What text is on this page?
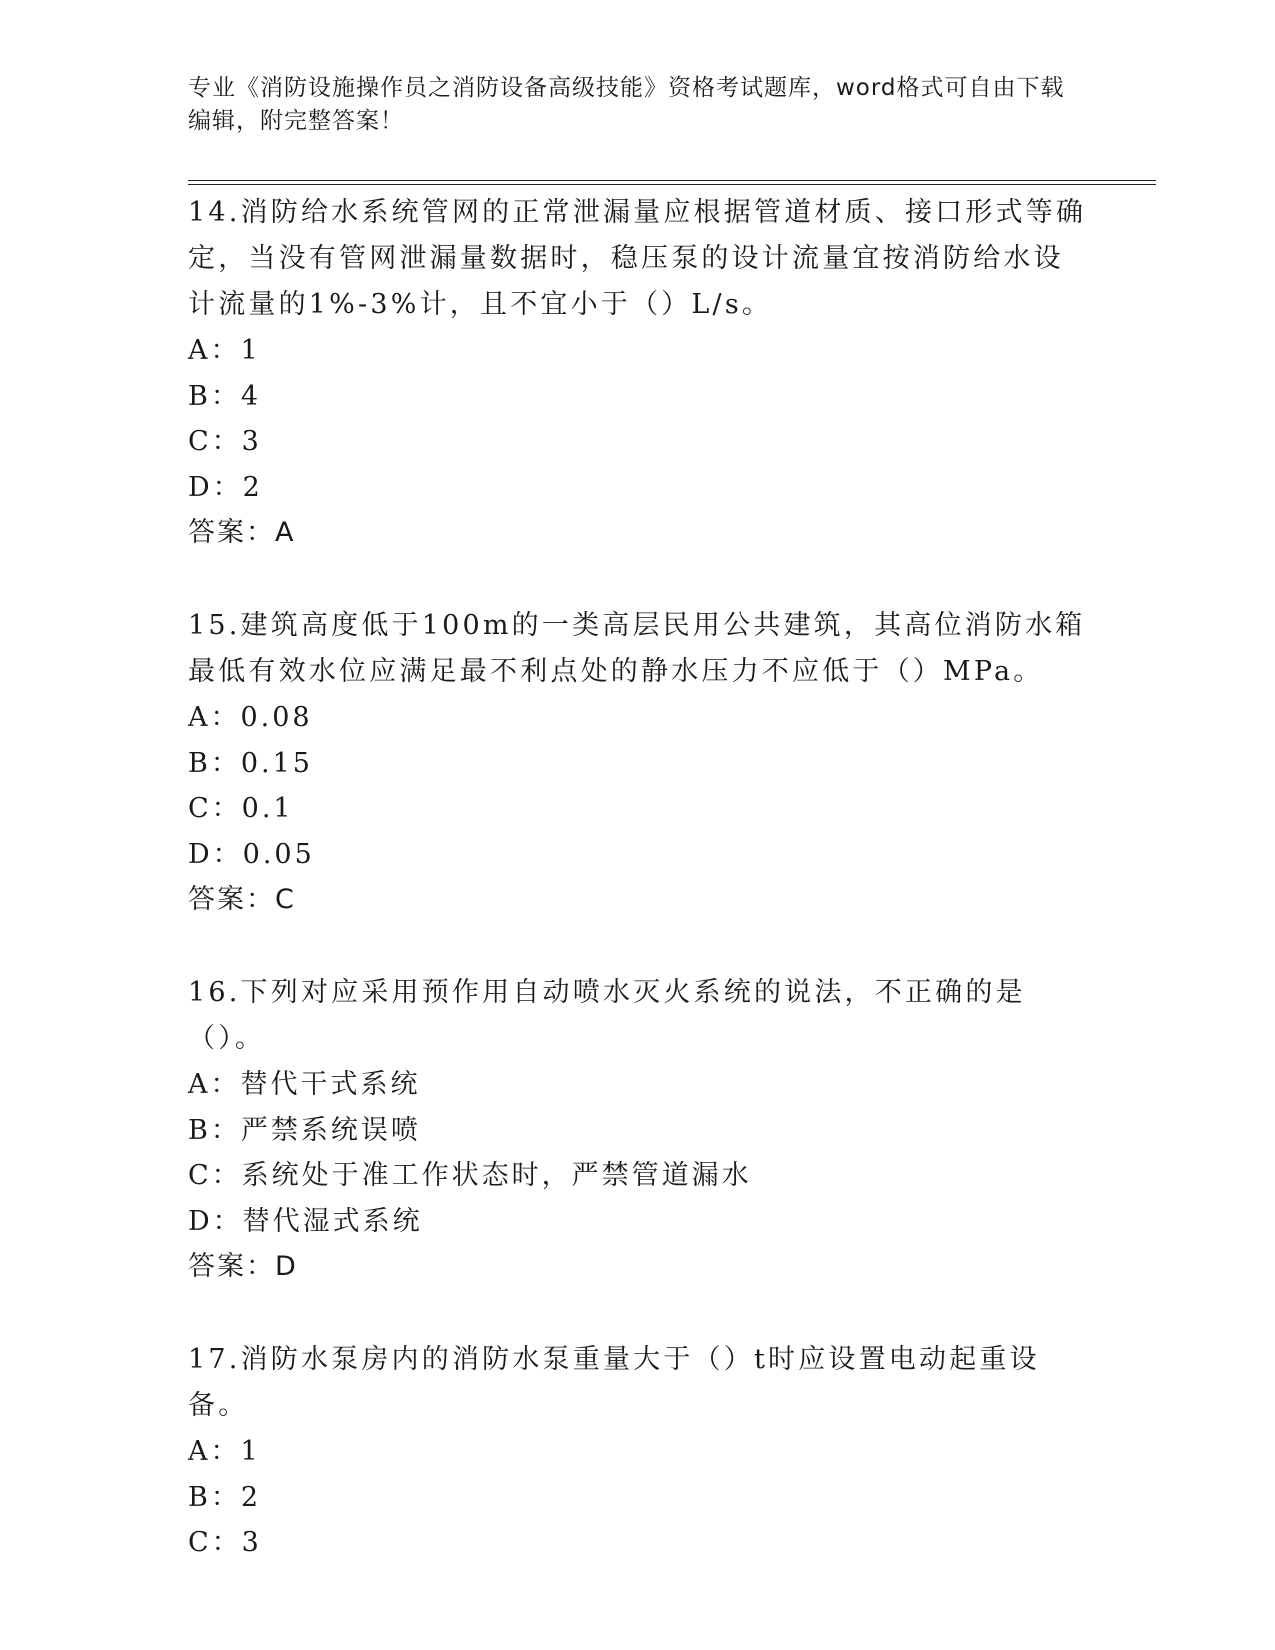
专业《消防设施操作员之消防设备高级技能》资格考试题库，word格式可自由下载编辑，附完整答案！

14.消防给水系统管网的正常泄漏量应根据管道材质、接口形式等确定，当没有管网泄漏量数据时，稳压泵的设计流量宜按消防给水设计流量的1%-3%计，且不宜小于（）L/s。

A：1

B：4

C：3

D：2

答案：A

15.建筑高度低于100m的一类高层民用公共建筑，其高位消防水箱最低有效水位应满足最不利点处的静水压力不应低于（）MPa。

A：0.08

B：0.15

C：0.1

D：0.05

答案：C

16.下列对应采用预作用自动喷水灭火系统的说法，不正确的是（）。

A：替代干式系统

B：严禁系统误喷

C：系统处于准工作状态时，严禁管道漏水

D：替代湿式系统

答案：D

17.消防水泵房内的消防水泵重量大于（）t时应设置电动起重设备。

A：1

B：2

C：3
